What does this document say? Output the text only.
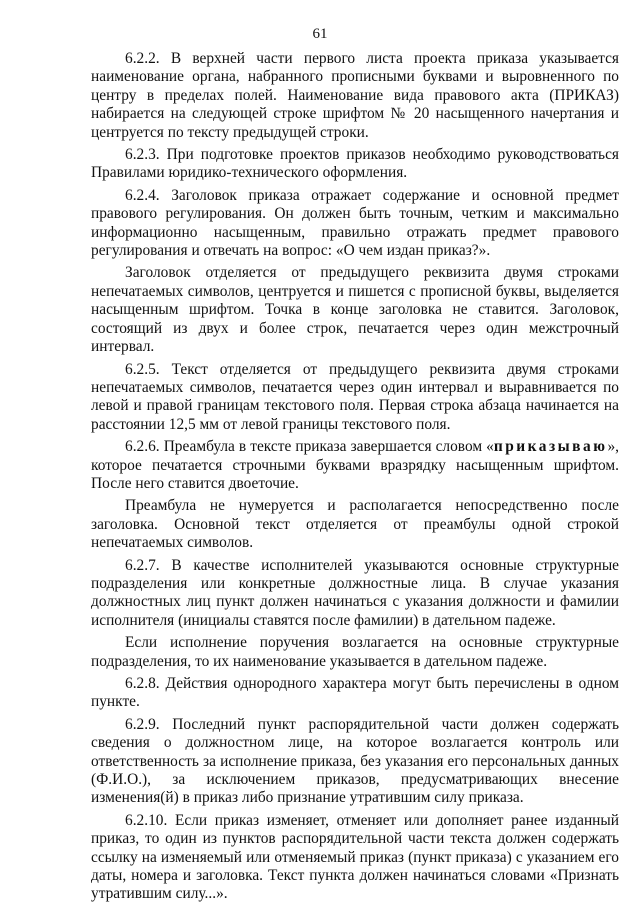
61

6.2.2. В верхней части первого листа проекта приказа указывается наименование органа, набранного прописными буквами и выровненного по центру в пределах полей. Наименование вида правового акта (ПРИКАЗ) набирается на следующей строке шрифтом № 20 насыщенного начертания и центруется по тексту предыдущей строки.

6.2.3. При подготовке проектов приказов необходимо руководствоваться Правилами юридико-технического оформления.

6.2.4. Заголовок приказа отражает содержание и основной предмет правового регулирования. Он должен быть точным, четким и максимально информационно насыщенным, правильно отражать предмет правового регулирования и отвечать на вопрос: «О чем издан приказ?».

Заголовок отделяется от предыдущего реквизита двумя строками непечатаемых символов, центруется и пишется с прописной буквы, выделяется насыщенным шрифтом. Точка в конце заголовка не ставится. Заголовок, состоящий из двух и более строк, печатается через один межстрочный интервал.

6.2.5. Текст отделяется от предыдущего реквизита двумя строками непечатаемых символов, печатается через один интервал и выравнивается по левой и правой границам текстового поля. Первая строка абзаца начинается на расстоянии 12,5 мм от левой границы текстового поля.

6.2.6. Преамбула в тексте приказа завершается словом «приказываю», которое печатается строчными буквами вразрядку насыщенным шрифтом. После него ставится двоеточие.

Преамбула не нумеруется и располагается непосредственно после заголовка. Основной текст отделяется от преамбулы одной строкой непечатаемых символов.

6.2.7. В качестве исполнителей указываются основные структурные подразделения или конкретные должностные лица. В случае указания должностных лиц пункт должен начинаться с указания должности и фамилии исполнителя (инициалы ставятся после фамилии) в дательном падеже.

Если исполнение поручения возлагается на основные структурные подразделения, то их наименование указывается в дательном падеже.

6.2.8. Действия однородного характера могут быть перечислены в одном пункте.

6.2.9. Последний пункт распорядительной части должен содержать сведения о должностном лице, на которое возлагается контроль или ответственность за исполнение приказа, без указания его персональных данных (Ф.И.О.), за исключением приказов, предусматривающих внесение изменения(й) в приказ либо признание утратившим силу приказа.

6.2.10. Если приказ изменяет, отменяет или дополняет ранее изданный приказ, то один из пунктов распорядительной части текста должен содержать ссылку на изменяемый или отменяемый приказ (пункт приказа) с указанием его даты, номера и заголовка. Текст пункта должен начинаться словами «Признать утратившим силу...».
